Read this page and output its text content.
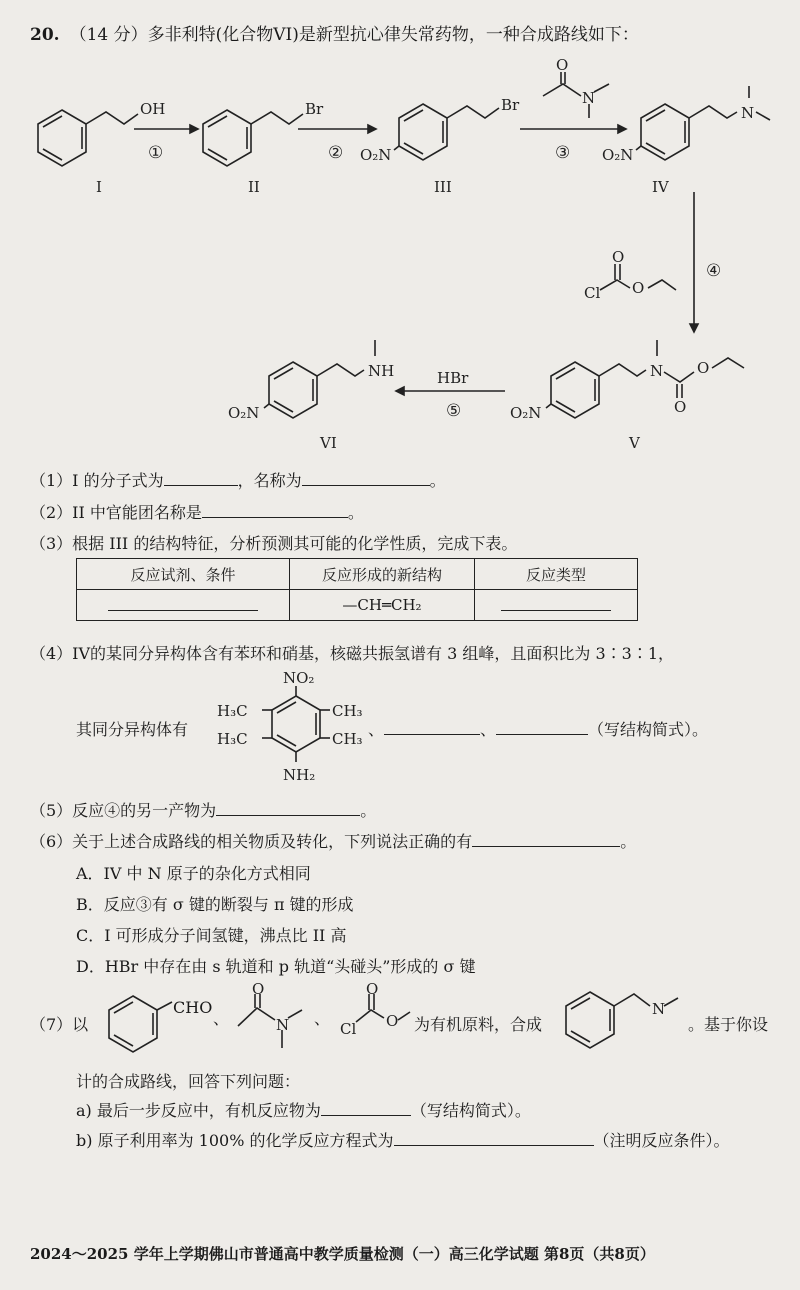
20. （14 分）多非利特(化合物VI)是新型抗心律失常药物，一种合成路线如下：
OH
I
①
Br
II
②
Br
O₂N
III
O
N
③
N
O₂N
IV
④
O
Cl O
N O
O
O₂N
V
HBr
⑤
NH
O₂N
VI
NO₂
H₃C
H₃C
CH₃
CH₃
NH₂
O
N
O
Cl O
N
（1）I 的分子式为	，名称为	。
（2）II 中官能团名称是	。
（3）根据 III 的结构特征，分析预测其可能的化学性质，完成下表。
反应试剂、条件	反应形成的新结构	反应类型
	—CH═CH₂	
（4）IV的某同分异构体含有苯环和硝基，核磁共振氢谱有 3 组峰，且面积比为 3∶3∶1，
其同分异构体有	、	、	（写结构简式）。
（5）反应④的另一产物为	。
（6）关于上述合成路线的相关物质及转化，下列说法正确的有	。
A．IV 中 N 原子的杂化方式相同
B．反应③有 σ 键的断裂与 π 键的形成
C．I 可形成分子间氢键，沸点比 II 高
D．HBr 中存在由 s 轨道和 p 轨道“头碰头”形成的 σ 键
（7）以
CHO
、	、	为有机原料，合成	。基于你设
计的合成路线，回答下列问题：
a) 最后一步反应中，有机反应物为	（写结构简式）。
b) 原子利用率为 100% 的化学反应方程式为	（注明反应条件）。
2024～2025 学年上学期佛山市普通高中教学质量检测（一）高三化学试题 第8页（共8页）
